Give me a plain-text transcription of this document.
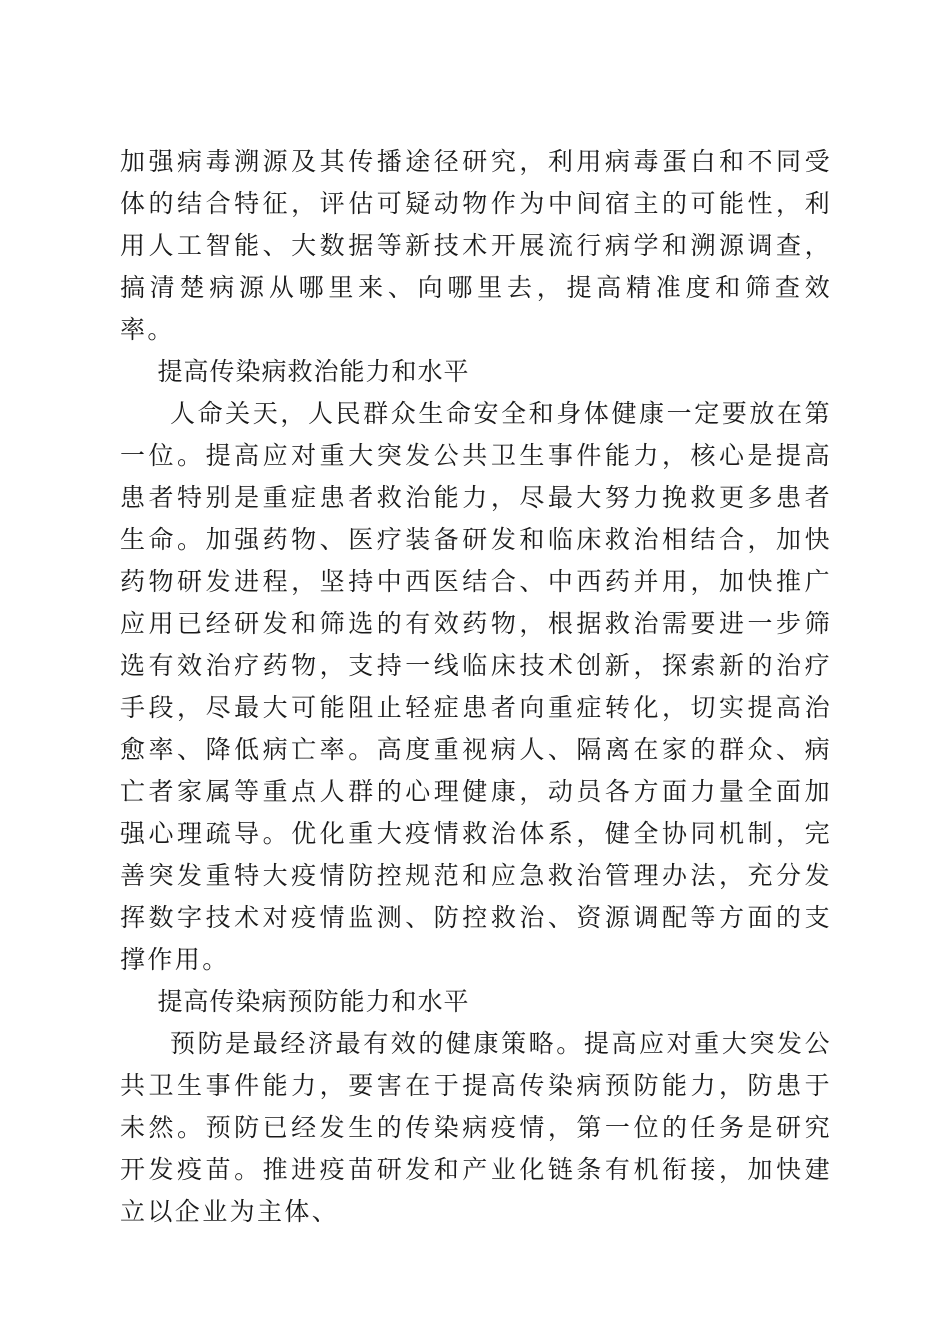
加强病毒溯源及其传播途径研究，利用病毒蛋白和不同受体的结合特征，评估可疑动物作为中间宿主的可能性，利用人工智能、大数据等新技术开展流行病学和溯源调查，搞清楚病源从哪里来、向哪里去，提高精准度和筛查效率。

提高传染病救治能力和水平

人命关天，人民群众生命安全和身体健康一定要放在第一位。提高应对重大突发公共卫生事件能力，核心是提高患者特别是重症患者救治能力，尽最大努力挽救更多患者生命。加强药物、医疗装备研发和临床救治相结合，加快药物研发进程，坚持中西医结合、中西药并用，加快推广应用已经研发和筛选的有效药物，根据救治需要进一步筛选有效治疗药物，支持一线临床技术创新，探索新的治疗手段，尽最大可能阻止轻症患者向重症转化，切实提高治愈率、降低病亡率。高度重视病人、隔离在家的群众、病亡者家属等重点人群的心理健康，动员各方面力量全面加强心理疏导。优化重大疫情救治体系，健全协同机制，完善突发重特大疫情防控规范和应急救治管理办法，充分发挥数字技术对疫情监测、防控救治、资源调配等方面的支撑作用。

提高传染病预防能力和水平

预防是最经济最有效的健康策略。提高应对重大突发公共卫生事件能力，要害在于提高传染病预防能力，防患于未然。预防已经发生的传染病疫情，第一位的任务是研究开发疫苗。推进疫苗研发和产业化链条有机衔接，加快建立以企业为主体、
